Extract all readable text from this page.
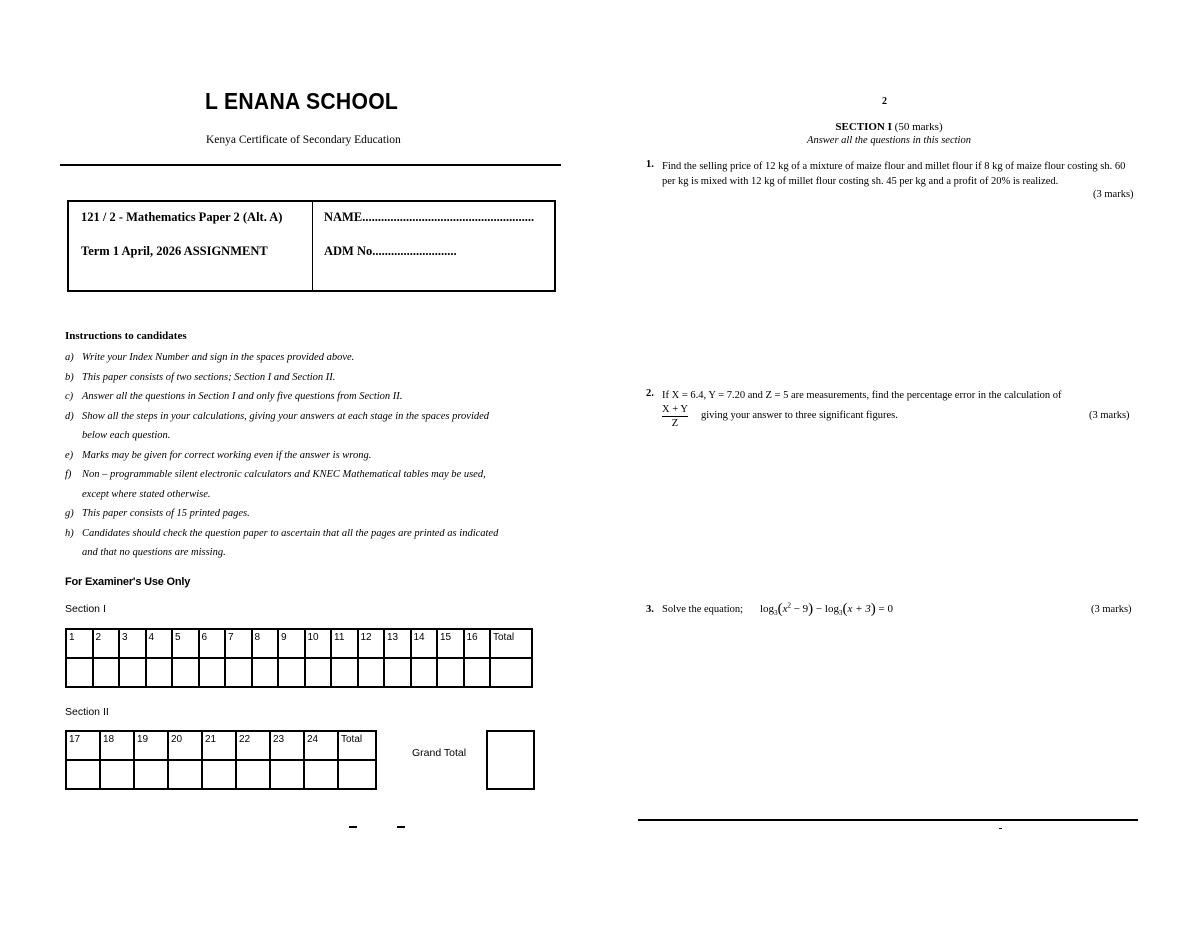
L ENANA SCHOOL
Kenya Certificate of Secondary Education
121 / 2 - Mathematics Paper 2 (Alt. A)
Term 1 April, 2026 ASSIGNMENT
NAME.......................................................
ADM No...........................
Instructions to candidates
a) Write your Index Number and sign in the spaces provided above.
b) This paper consists of two sections; Section I and Section II.
c) Answer all the questions in Section I and only five questions from Section II.
d) Show all the steps in your calculations, giving your answers at each stage in the spaces provided
below each question.
e) Marks may be given for correct working even if the answer is wrong.
f)	Non – programmable silent electronic calculators and KNEC Mathematical tables may be used,
except where stated otherwise.
g) This paper consists of 15 printed pages.
h) Candidates should check the question paper to ascertain that all the pages are printed as indicated
and that no questions are missing.
For Examiner's Use Only
Section I
1	2	3	4	5	6	7	8	9	10	11	12	13	14	15	16	Total

Section II
17	18	19	20	21	22	23	24	Total

Grand Total
2
SECTION I (50 marks)
Answer all the questions in this section
1. Find the selling price of 12 kg of a mixture of maize flour and millet flour if 8 kg of maize flour costing sh. 60 per kg is mixed with 12 kg of millet flour costing sh. 45 per kg and a profit of 20% is realized.
(3 marks)
2. If X = 6.4, Y = 7.20 and Z = 5 are measurements, find the percentage error in the calculation of
$\frac{X + Y}{Z}$ giving your answer to three significant figures.	(3 marks)
3. Solve the equation; $\log_3(x^2 - 9) - \log_3(x + 3) = 0$	(3 marks)
